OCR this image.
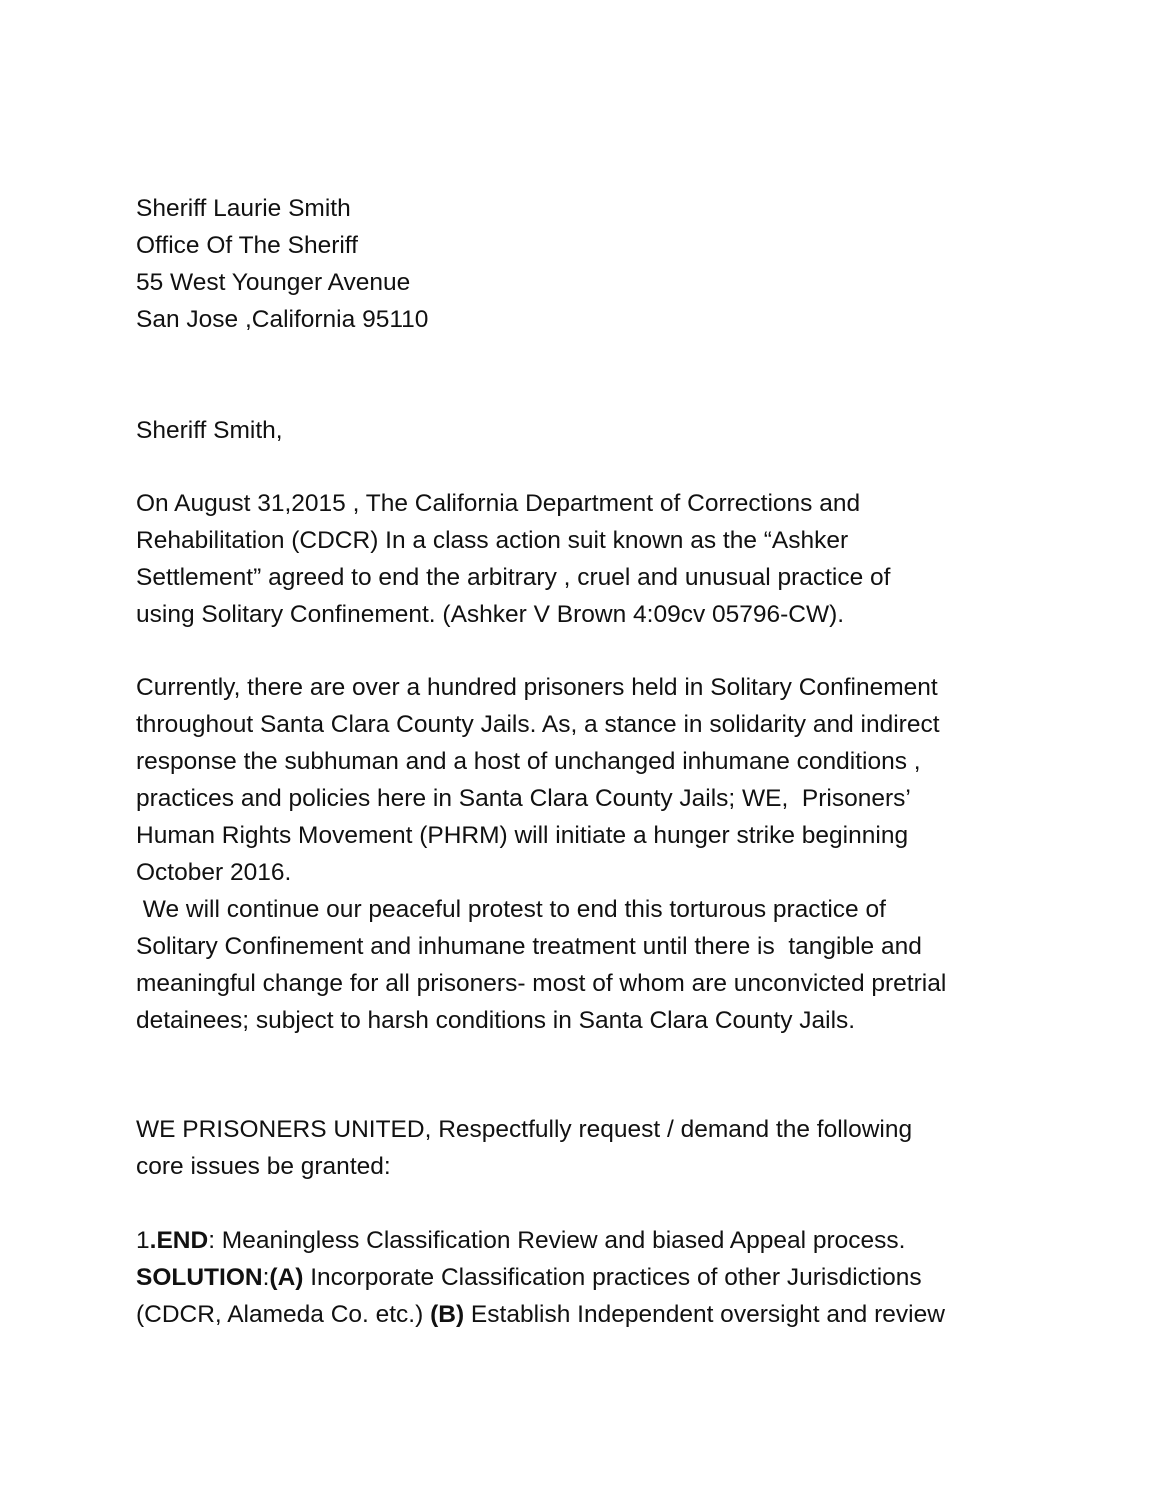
Sheriff Laurie Smith
Office Of The Sheriff
55 West Younger Avenue
San Jose ,California 95110
Sheriff Smith,
On August 31,2015 , The California Department of Corrections and
Rehabilitation (CDCR) In a class action suit known as the “Ashker
Settlement” agreed to end the arbitrary , cruel and unusual practice of
using Solitary Confinement. (Ashker V Brown 4:09cv 05796-CW).
Currently, there are over a hundred prisoners held in Solitary Confinement
throughout Santa Clara County Jails. As, a stance in solidarity and indirect
response the subhuman and a host of unchanged inhumane conditions ,
practices and policies here in Santa Clara County Jails; WE,  Prisoners’
Human Rights Movement (PHRM) will initiate a hunger strike beginning
October 2016.
We will continue our peaceful protest to end this torturous practice of
Solitary Confinement and inhumane treatment until there is  tangible and
meaningful change for all prisoners- most of whom are unconvicted pretrial
detainees; subject to harsh conditions in Santa Clara County Jails.
WE PRISONERS UNITED, Respectfully request / demand the following
core issues be granted:
1.END: Meaningless Classification Review and biased Appeal process.
SOLUTION:(A) Incorporate Classification practices of other Jurisdictions
(CDCR, Alameda Co. etc.) (B) Establish Independent oversight and review
